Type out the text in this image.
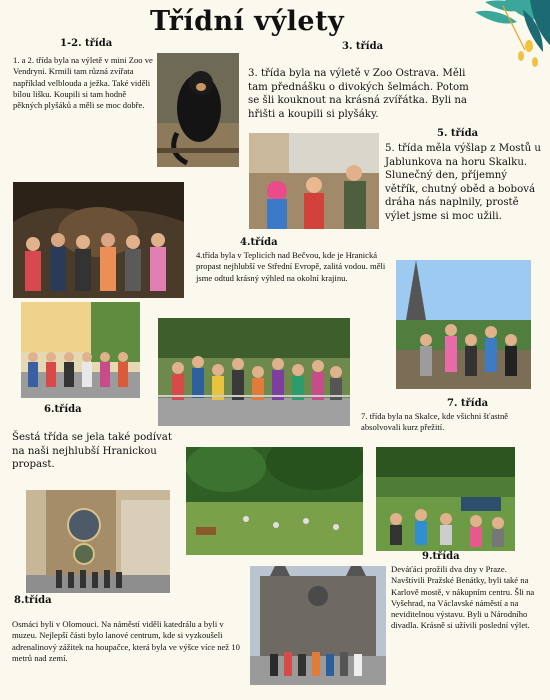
Třídní výlety
1-2. třída
1. a 2. třída byla na výletě v mini Zoo ve Vendryni. Krmili tam různá zvířata například velbloudа a ježka. Také viděli bílou lišku. Koupili si tam hodně pěkných plyšáků a měli se moc dobře.
3. třída
3. třída byla na výletě v Zoo Ostrava. Měli tam přednášku o divokých šelmách. Potom se šli kouknout na krásná zvířátka. Byli na hřišti a koupili si plyšáky.
5. třída
5. třída měla výšlap z Mostů u Jablunkova na horu Skalku. Slunečný den, příjemný větřík, chutný oběd a bobová dráha nás naplnily, prostě výlet jsme si moc užili.
4.třída
4.třída byla v Teplicích nad Bečvou, kde je Hranická propast nejhlubší ve Střední Evropě, zalitá vodou. měli jsme odtud krásný výhled na okolní krajinu.
7. třída
7. třída byla na Skalce, kde všichni šťastně absolvovali kurz přežití.
6.třída
Šestá třída se jela také podívat na naši nejhlubší Hranickou propast.
9.třída
Deváťáci prožili dva dny v Praze. Navštívili Pražské Benátky, byli také na Karlově mostě, v nákupním centru. Šli na Vyšehrad, na Václavské náměstí a na neviditelnou výstavu. Byli u Národního divadla. Krásně si užívili poslední výlet.
8.třída
Osmáci byli v Olomouci. Na náměstí viděli katedrálu a byli v muzeu. Nejlepší části bylo lanové centrum, kde si vyzkoušeli adrenalinový zážitek na houpačce, která byla ve výšce více než 10 metrů nad zemí.
